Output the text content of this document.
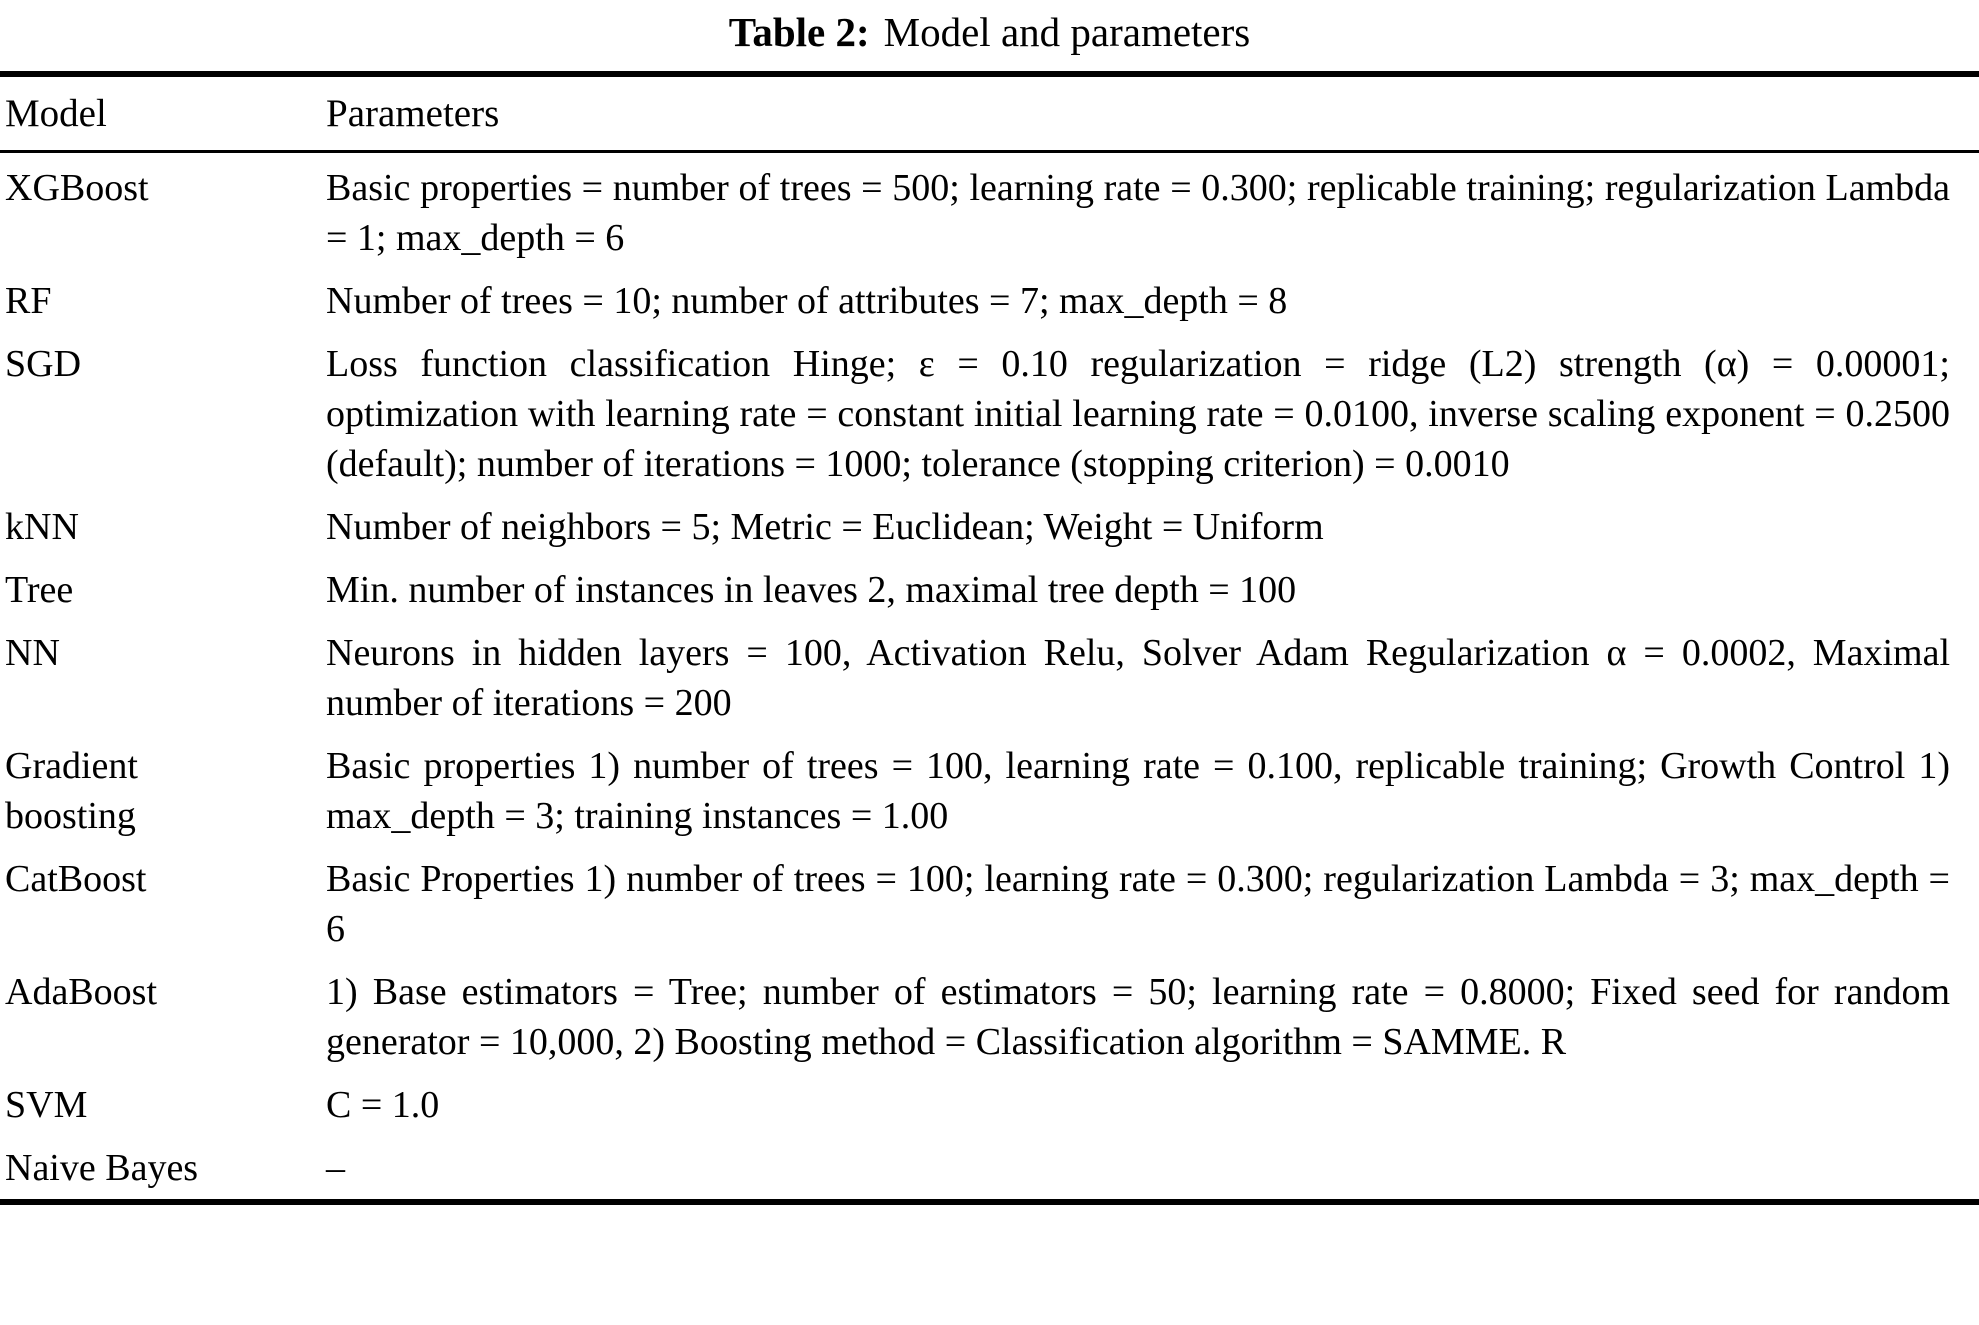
Table 2: Model and parameters
Model	Parameters
XGBoost	Basic properties = number of trees = 500; learning rate = 0.300; replicable training; regularization Lambda = 1; max_depth = 6
RF	Number of trees = 10; number of attributes = 7; max_depth = 8
SGD	Loss function classification Hinge; ε = 0.10 regularization = ridge (L2) strength (α) = 0.00001; optimization with learning rate = constant initial learning rate = 0.0100, inverse scaling exponent = 0.2500 (default); number of iterations = 1000; tolerance (stopping criterion) = 0.0010
kNN	Number of neighbors = 5; Metric = Euclidean; Weight = Uniform
Tree	Min. number of instances in leaves 2, maximal tree depth = 100
NN	Neurons in hidden layers = 100, Activation Relu, Solver Adam Regularization α = 0.0002, Maximal number of iterations = 200
Gradient boosting	Basic properties 1) number of trees = 100, learning rate = 0.100, replicable training; Growth Control 1) max_depth = 3; training instances = 1.00
CatBoost	Basic Properties 1) number of trees = 100; learning rate = 0.300; regularization Lambda = 3; max_depth = 6
AdaBoost	1) Base estimators = Tree; number of estimators = 50; learning rate = 0.8000; Fixed seed for random generator = 10,000, 2) Boosting method = Classification algorithm = SAMME. R
SVM	C = 1.0
Naive Bayes	–
